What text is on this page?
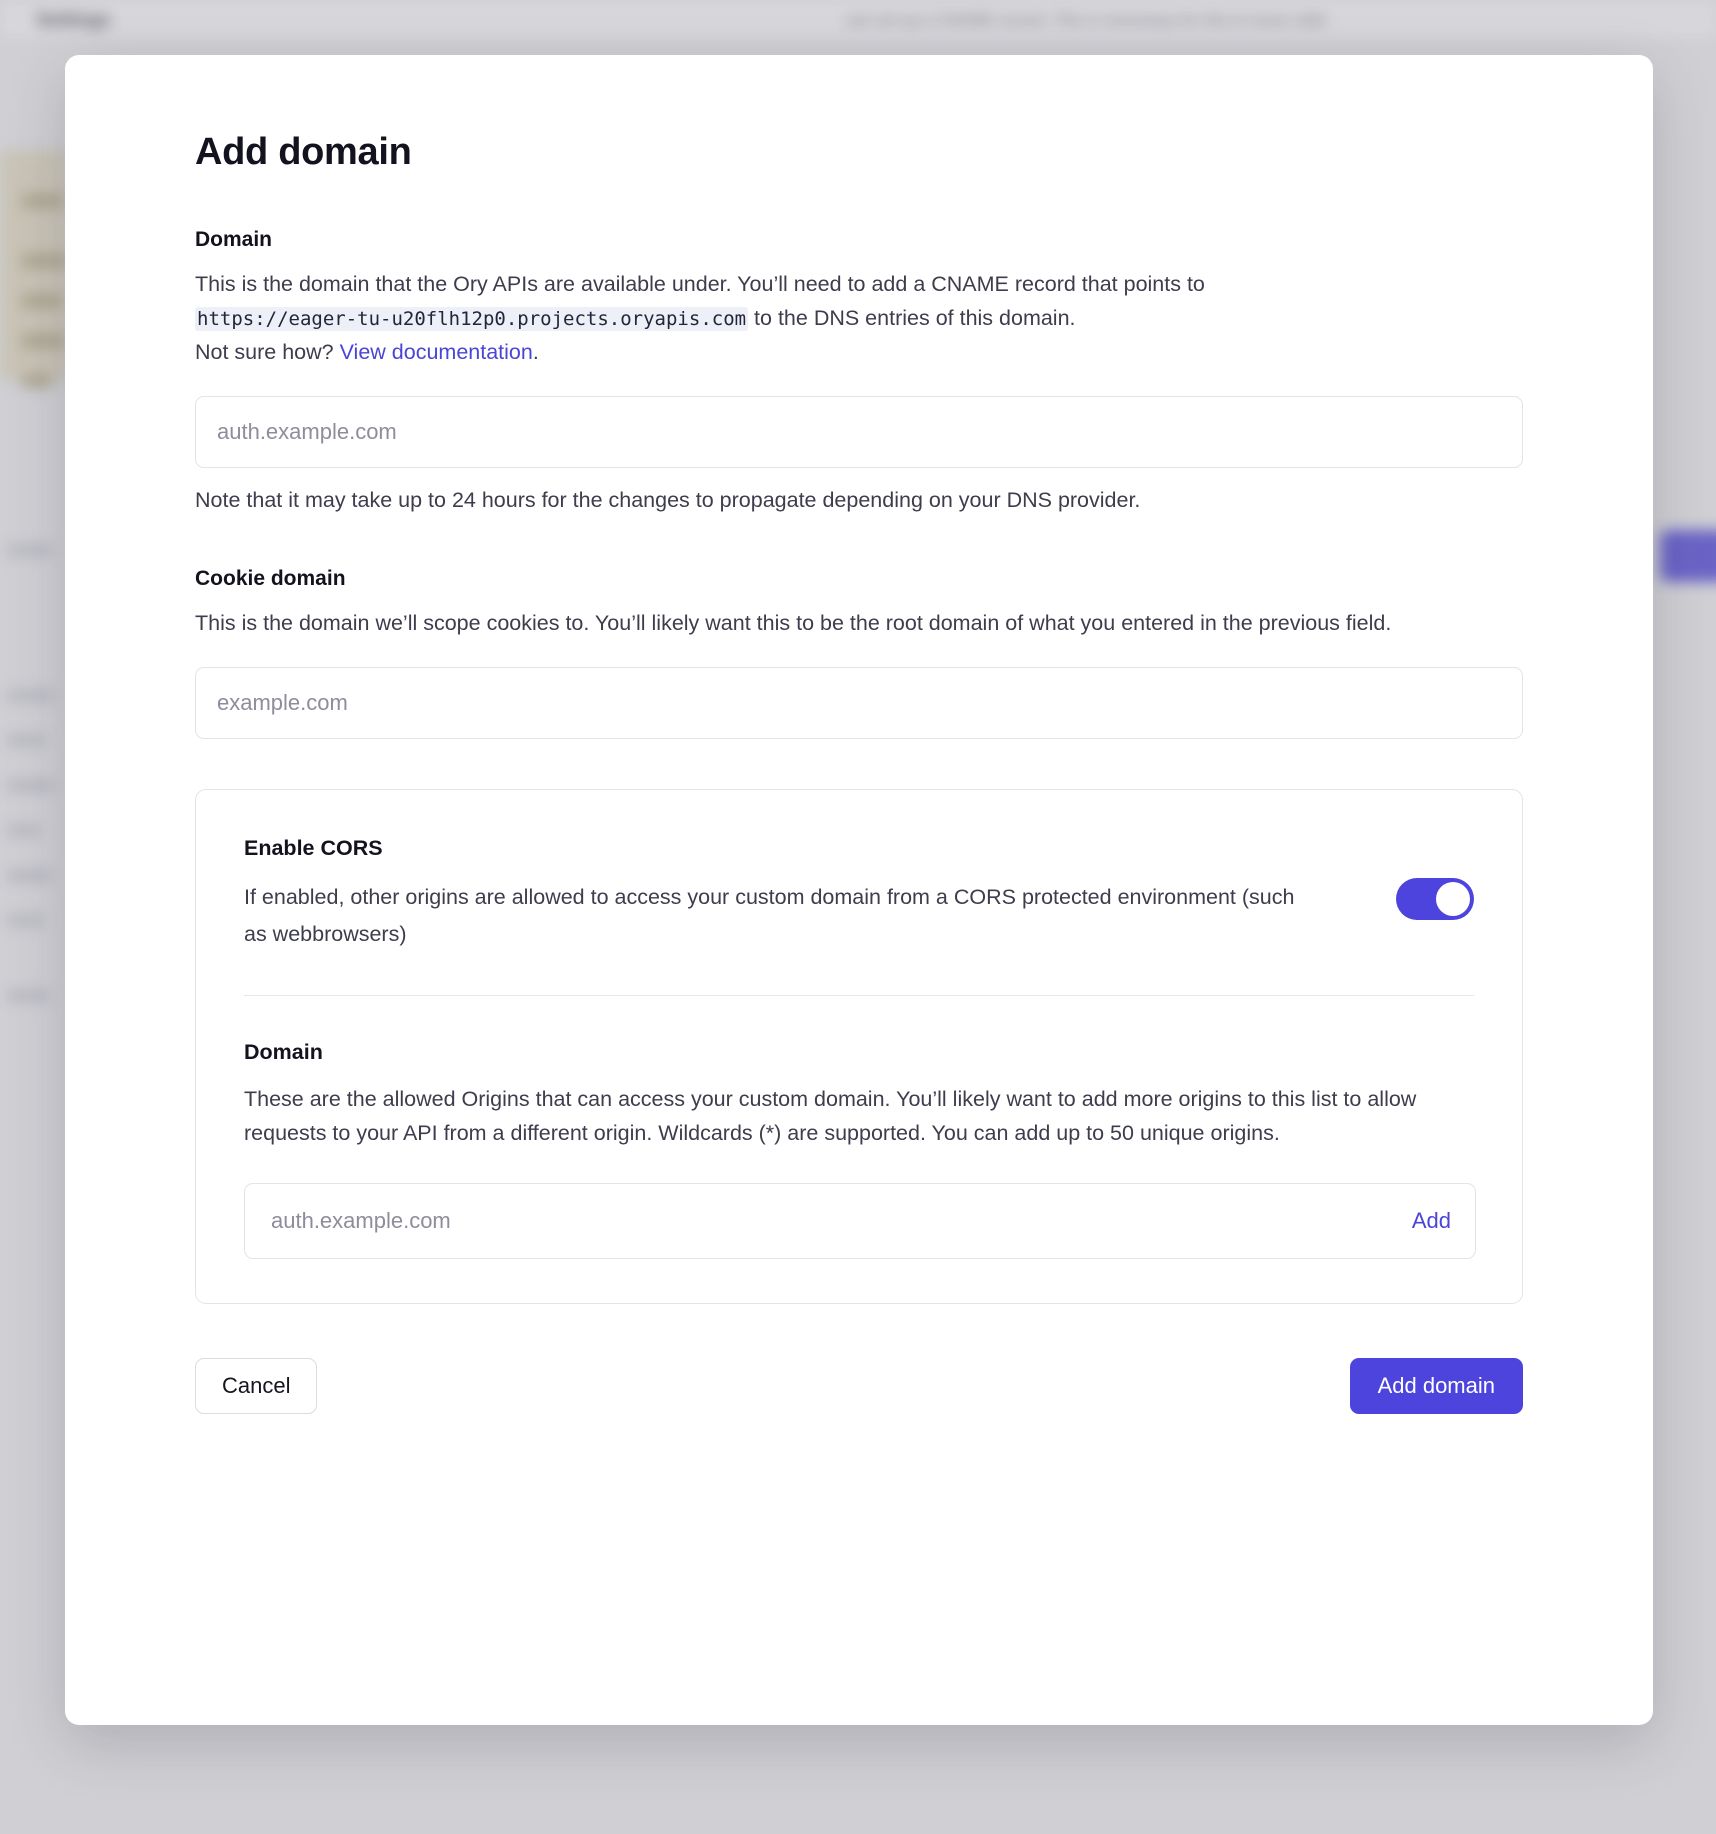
Settings	can set up a CNAME record. This is necessary for this to issue valid
Add domain
Domain
This is the domain that the Ory APIs are available under. You’ll need to add a CNAME record that points to https://eager-tu-u20flh12p0.projects.oryapis.com to the DNS entries of this domain.
Not sure how? View documentation.
auth.example.com
Note that it may take up to 24 hours for the changes to propagate depending on your DNS provider.
Cookie domain
This is the domain we’ll scope cookies to. You’ll likely want this to be the root domain of what you entered in the previous field.
example.com
Enable CORS
If enabled, other origins are allowed to access your custom domain from a CORS protected environment (such as webbrowsers)
Domain
These are the allowed Origins that can access your custom domain. You’ll likely want to add more origins to this list to allow requests to your API from a different origin. Wildcards (*) are supported. You can add up to 50 unique origins.
auth.example.com
Add
Cancel	Add domain
